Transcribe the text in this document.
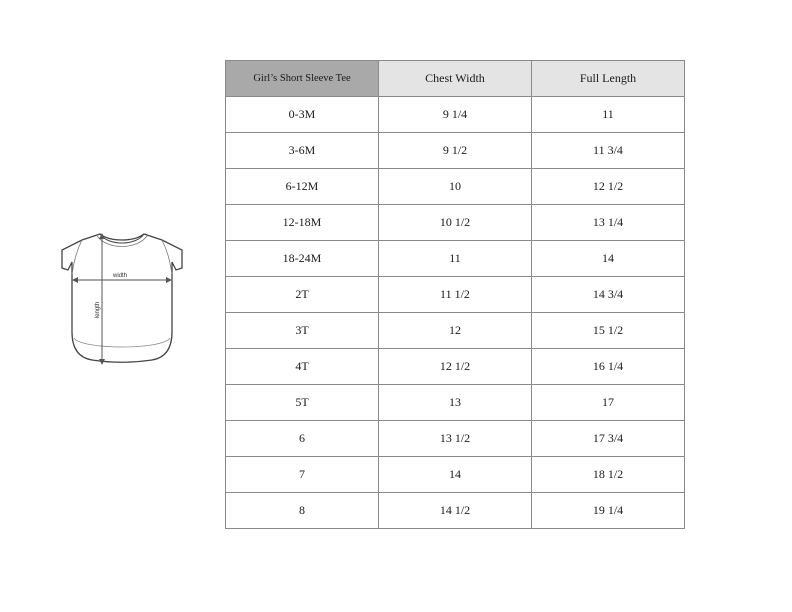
width
length
Girl’s Short Sleeve Tee	Chest Width	Full Length
0-3M	9 1/4	11
3-6M	9 1/2	11 3/4
6-12M	10	12 1/2
12-18M	10 1/2	13 1/4
18-24M	11	14
2T	11 1/2	14 3/4
3T	12	15 1/2
4T	12 1/2	16 1/4
5T	13	17
6	13 1/2	17 3/4
7	14	18 1/2
8	14 1/2	19 1/4
